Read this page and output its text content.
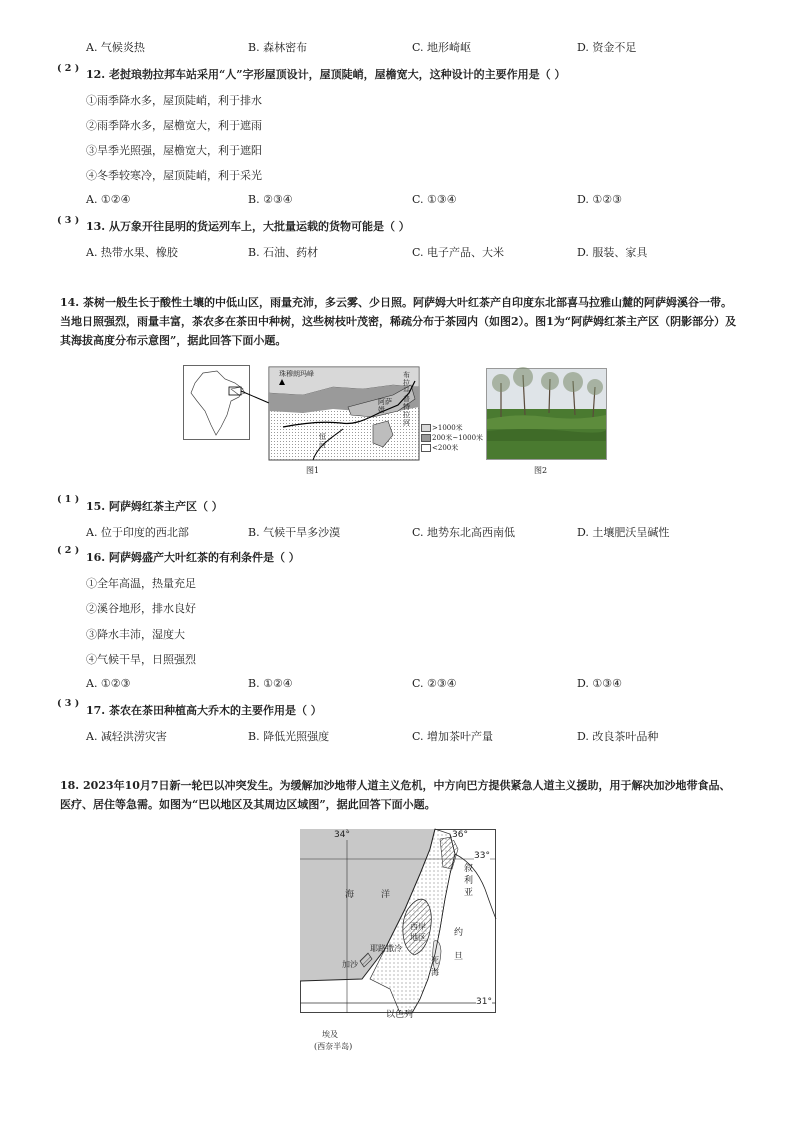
A. 气候炎热	B. 森林密布	C. 地形崎岖	D. 资金不足
( 2 ) 12. 老挝琅勃拉邦车站采用“人”字形屋顶设计，屋顶陡峭，屋檐宽大，这种设计的主要作用是（ ）
①雨季降水多，屋顶陡峭，利于排水
②雨季降水多，屋檐宽大，利于遮雨
③旱季光照强，屋檐宽大，利于遮阳
④冬季较寒冷，屋顶陡峭，利于采光
A. ①②④	B. ②③④	C. ①③④	D. ①②③
( 3 ) 13. 从万象开往昆明的货运列车上，大批量运载的货物可能是（ ）
A. 热带水果、橡胶	B. 石油、药材	C. 电子产品、大米	D. 服装、家具
14. 茶树一般生长于酸性土壤的中低山区，雨量充沛，多云雾、少日照。阿萨姆大叶红茶产自印度东北部喜马拉雅山麓的阿萨姆溪谷一带。当地日照强烈，雨量丰富，茶农多在茶田中种树，这些树枝叶茂密，稀疏分布于茶园内（如图2）。图1为“阿萨姆红茶主产区（阴影部分）及其海拔高度分布示意图”，据此回答下面小题。
珠穆朗玛峰
阿萨姆
恒河
布拉马普特拉河
>1000米
200米~1000米
<200米
图1	图2
( 1 )
15. 阿萨姆红茶主产区（ ）
A. 位于印度的西北部	B. 气候干旱多沙漠	C. 地势东北高西南低	D. 土壤肥沃呈碱性
( 2 )
16. 阿萨姆盛产大叶红茶的有利条件是（ ）
①全年高温，热量充足
②溪谷地形，排水良好
③降水丰沛，湿度大
④气候干旱，日照强烈
A. ①②③	B. ①②④	C. ②③④	D. ①③④
( 3 )
17. 茶农在茶田种植高大乔木的主要作用是（ ）
A. 减轻洪涝灾害	B. 降低光照强度	C. 增加茶叶产量	D. 改良茶叶品种
18. 2023年10月7日新一轮巴以冲突发生。为缓解加沙地带人道主义危机，中方向巴方提供紧急人道主义援助，用于解决加沙地带食品、医疗、居住等急需。如图为“巴以地区及其周边区域图”，据此回答下面小题。
34°	36°
33°
31°
海	洋
叙
利
亚
西岸
地区	约
旦
耶路撒冷
加沙	死
海
以色列
埃及
(西奈半岛)
